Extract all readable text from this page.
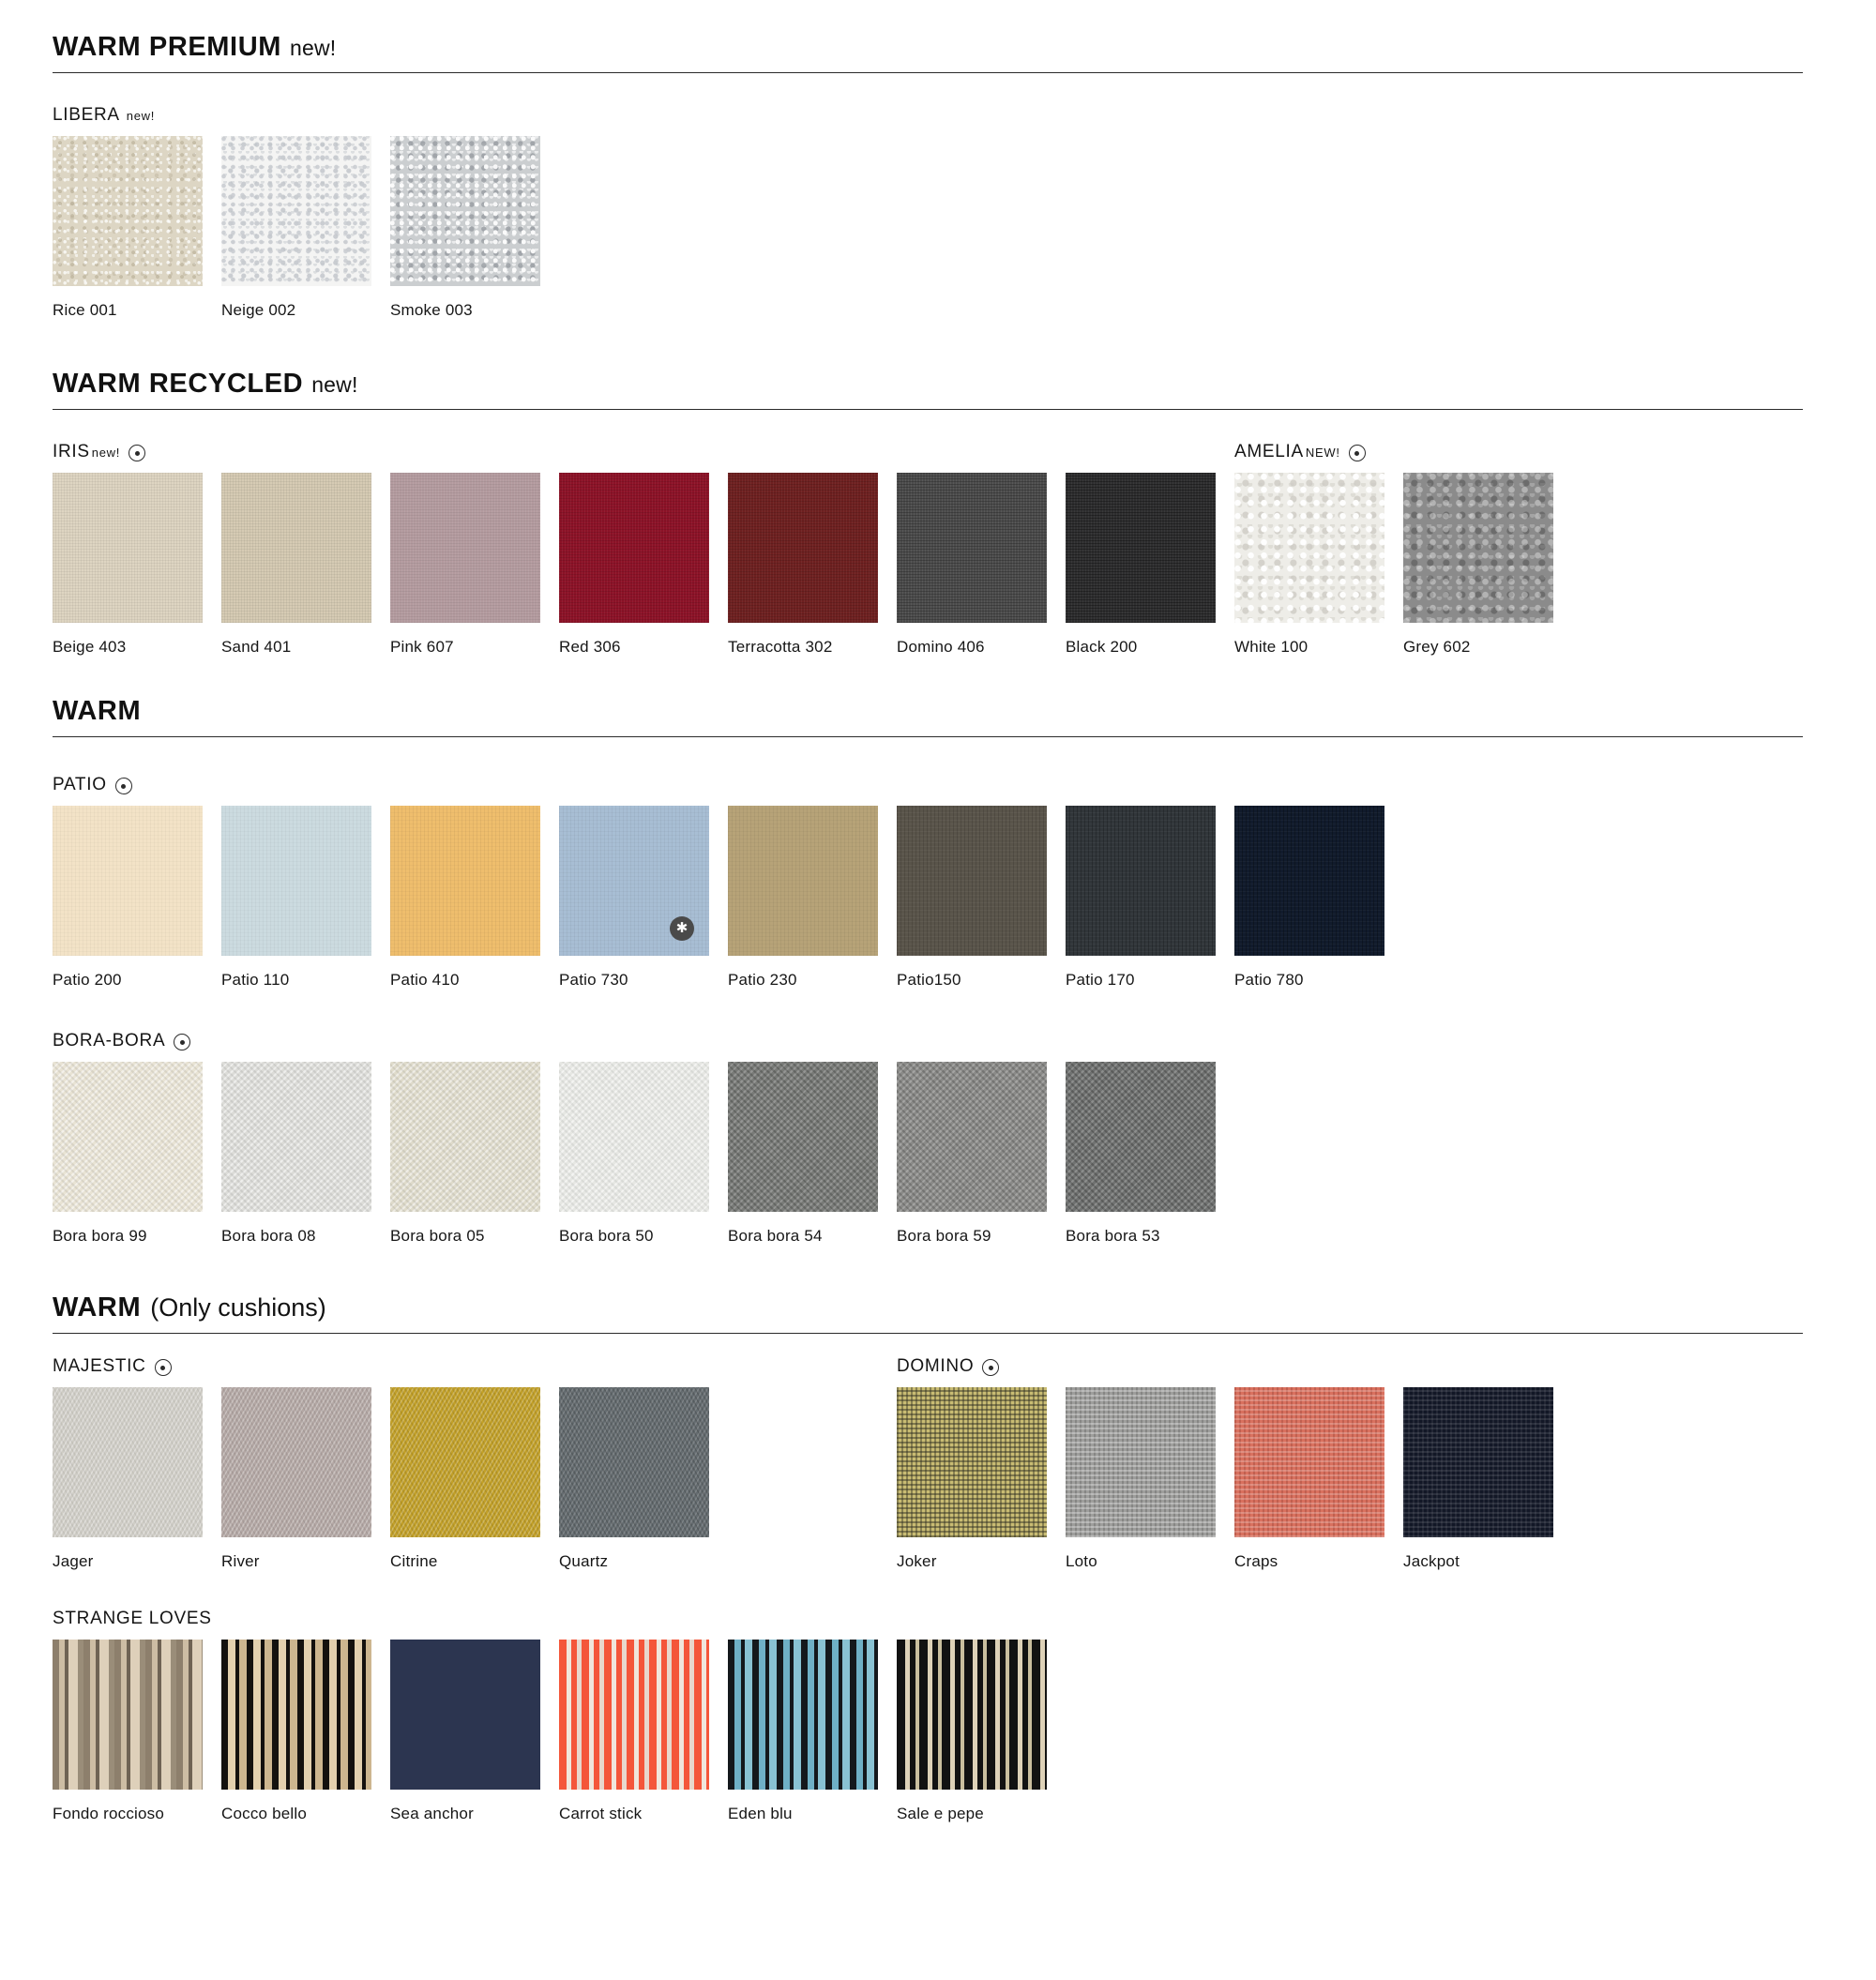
WARM PREMIUM new!
LIBERA new!
Rice 001	Neige 002	Smoke 003
WARM RECYCLED new!
IRIS new!
Beige 403	Sand 401	Pink 607	Red 306	Terracotta 302	Domino 406	Black 200
AMELIA NEW!
White 100	Grey 602
WARM
PATIO
Patio 200	Patio 110	Patio 410
✱
Patio 730	Patio 230	Patio150	Patio 170	Patio 780
BORA-BORA
Bora bora 99	Bora bora 08	Bora bora 05	Bora bora 50	Bora bora 54	Bora bora 59	Bora bora 53
WARM (Only cushions)
MAJESTIC
Jager	River	Citrine	Quartz
DOMINO
Joker	Loto	Craps	Jackpot
STRANGE LOVES
Fondo roccioso	Cocco bello	Sea anchor	Carrot stick	Eden blu	Sale e pepe
